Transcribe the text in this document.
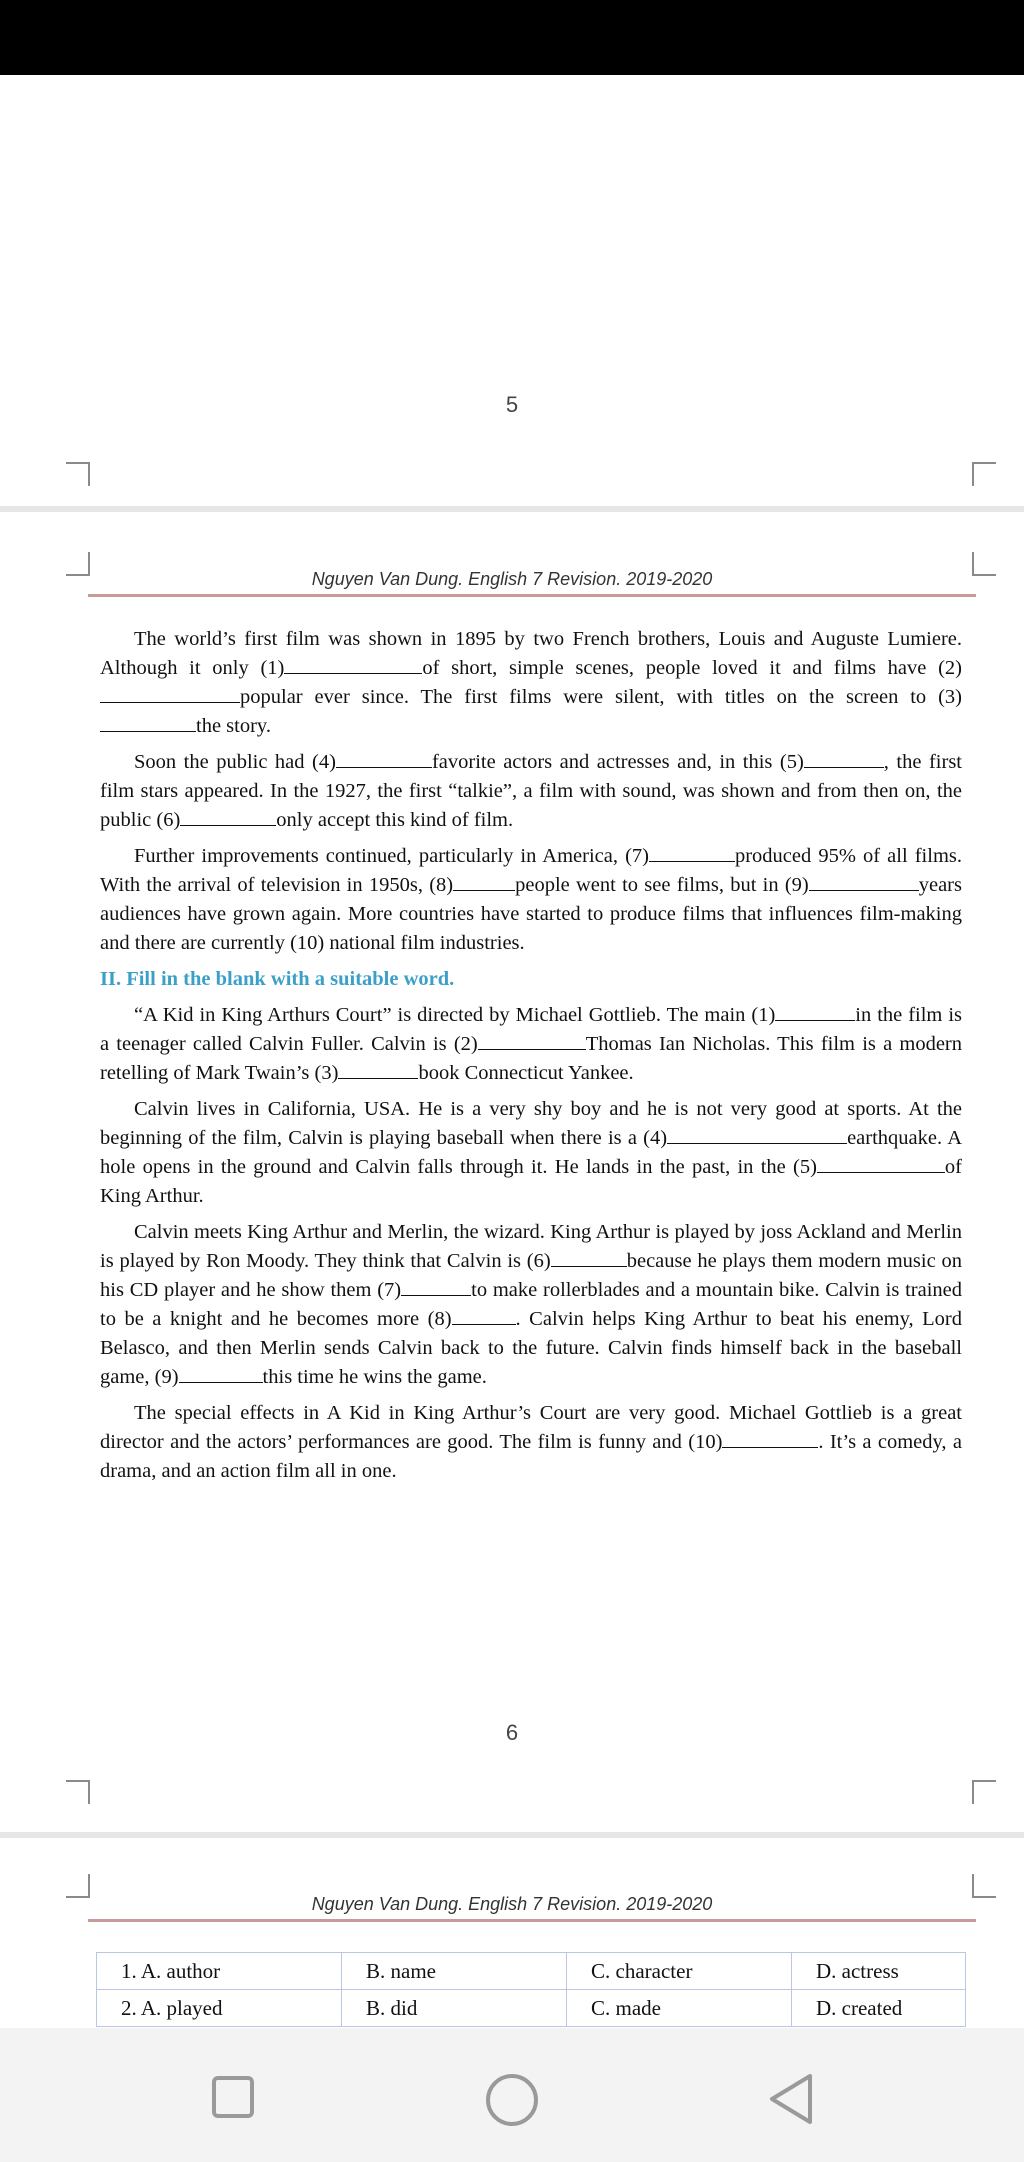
5
Nguyen Van Dung. English 7 Revision. 2019-2020

The world’s first film was shown in 1895 by two French brothers, Louis and Auguste Lumiere. Although it only (1)	of short, simple scenes, people loved it and films have (2)popular ever since. The first films were silent, with titles on the screen to (3)the story.

Soon the public had (4)	favorite actors and actresses and, in this (5)	, the first film stars appeared. In the 1927, the first “talkie”, a film with sound, was shown and from then on, the public (6)	only accept this kind of film.

Further improvements continued, particularly in America, (7)	produced 95% of all films. With the arrival of television in 1950s, (8)	people went to see films, but in (9)	years audiences have grown again. More countries have started to produce films that influences film-making and there are currently (10) national film industries.

II. Fill in the blank with a suitable word.

“A Kid in King Arthurs Court” is directed by Michael Gottlieb. The main (1)	in the film is a teenager called Calvin Fuller. Calvin is (2)	Thomas Ian Nicholas. This film is a modern retelling of Mark Twain’s (3)	book Connecticut Yankee.

Calvin lives in California, USA. He is a very shy boy and he is not very good at sports. At the beginning of the film, Calvin is playing baseball when there is a (4)	earthquake. A hole opens in the ground and Calvin falls through it. He lands in the past, in the (5)	of King Arthur.

Calvin meets King Arthur and Merlin, the wizard. King Arthur is played by joss Ackland and Merlin is played by Ron Moody. They think that Calvin is (6)	because he plays them modern music on his CD player and he show them (7)	to make rollerblades and a mountain bike. Calvin is trained to be a knight and he becomes more (8)	. Calvin helps King Arthur to beat his enemy, Lord Belasco, and then Merlin sends Calvin back to the future. Calvin finds himself back in the baseball game, (9)	this time he wins the game.

The special effects in A Kid in King Arthur’s Court are very good. Michael Gottlieb is a great director and the actors’ performances are good. The film is funny and (10)	. It’s a comedy, a drama, and an action film all in one.

6
Nguyen Van Dung. English 7 Revision. 2019-2020
1. A. author	B. name	C. character	D. actress
2. A. played	B. did	C. made	D. created
